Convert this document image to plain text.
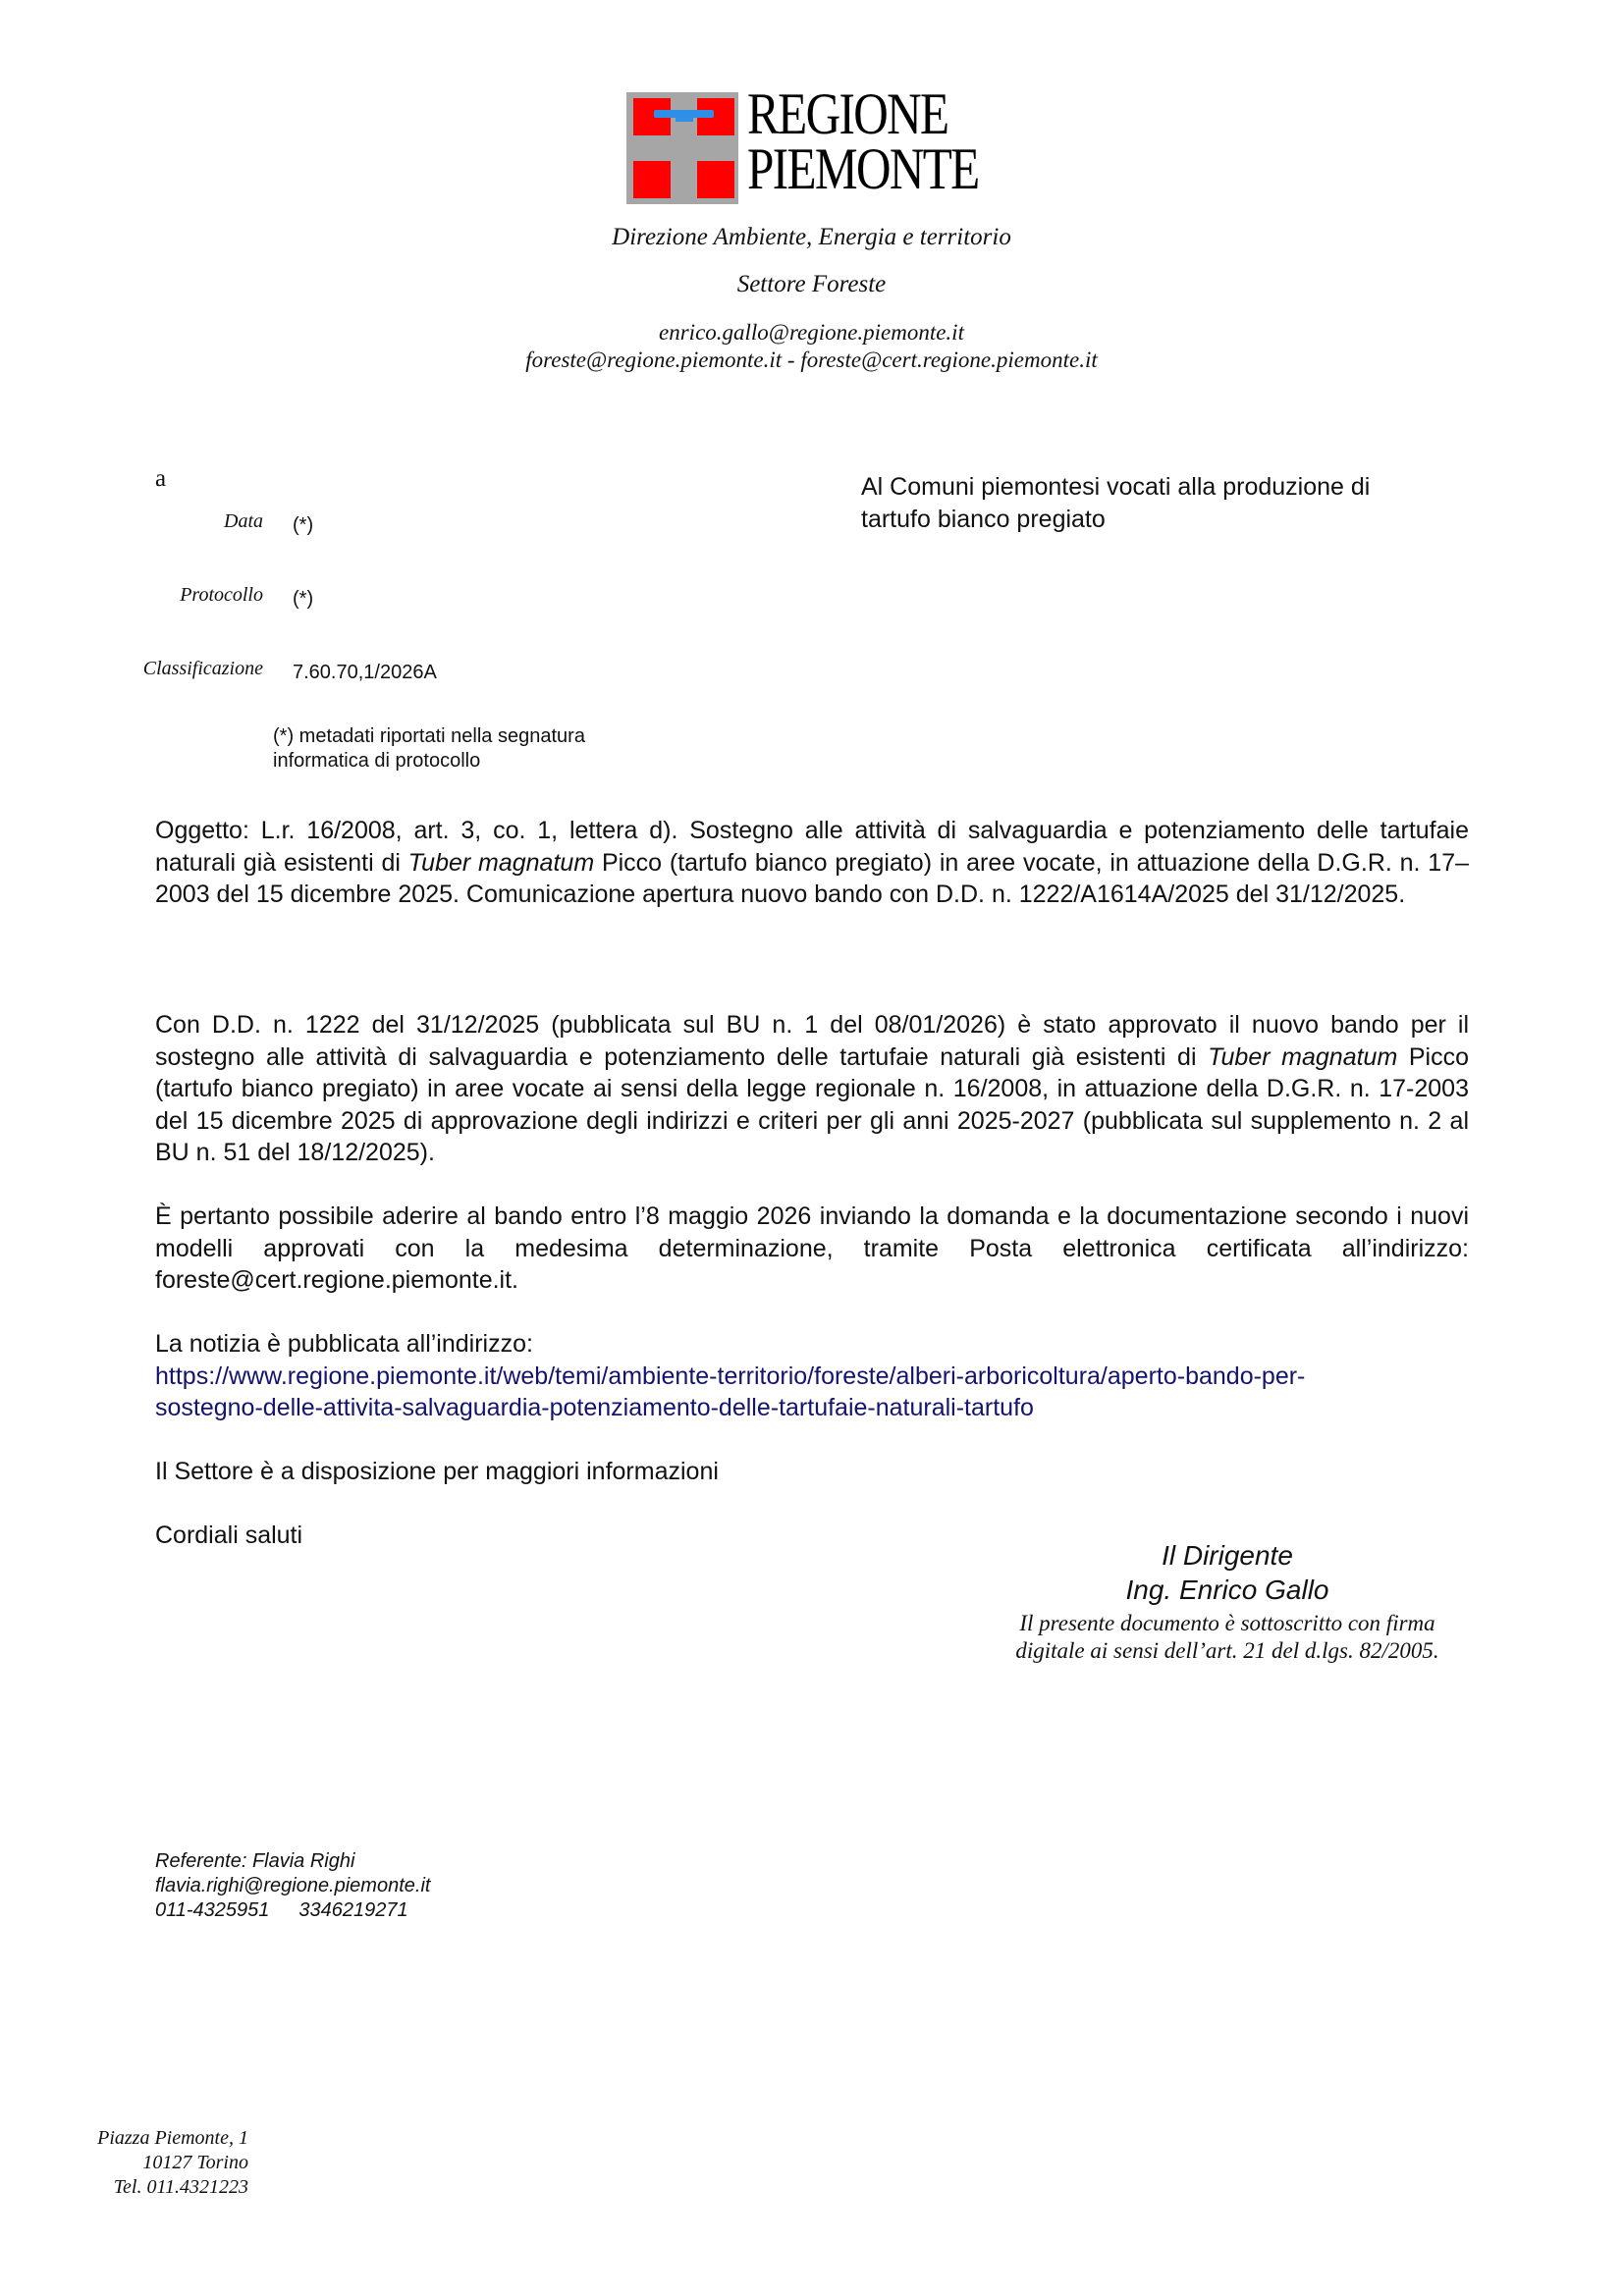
REGIONE
PIEMONTE
Direzione Ambiente, Energia e territorio
Settore Foreste
enrico.gallo@regione.piemonte.it
foreste@regione.piemonte.it - foreste@cert.regione.piemonte.it
a
Data (*)
Protocollo (*)
Classificazione 7.60.70,1/2026A
(*) metadati riportati nella segnatura
informatica di protocollo
Al Comuni piemontesi vocati alla produzione di
tartufo bianco pregiato

Oggetto: L.r. 16/2008, art. 3, co. 1, lettera d). Sostegno alle attività di salvaguardia e potenziamento delle tartufaie naturali già esistenti di Tuber magnatum Picco (tartufo bianco pregiato) in aree vocate, in attuazione della D.G.R. n. 17–2003 del 15 dicembre 2025. Comunicazione apertura nuovo bando con D.D. n. 1222/A1614A/2025 del 31/12/2025.

Con D.D. n. 1222 del 31/12/2025 (pubblicata sul BU n. 1 del 08/01/2026) è stato approvato il nuovo bando per il sostegno alle attività di salvaguardia e potenziamento delle tartufaie naturali già esistenti di Tuber magnatum Picco (tartufo bianco pregiato) in aree vocate ai sensi della legge regionale n. 16/2008, in attuazione della D.G.R. n. 17-2003 del 15 dicembre 2025 di approvazione degli indirizzi e criteri per gli anni 2025-2027 (pubblicata sul supplemento n. 2 al BU n. 51 del 18/12/2025).

È pertanto possibile aderire al bando entro l’8 maggio 2026 inviando la domanda e la documentazione secondo i nuovi modelli approvati con la medesima determinazione, tramite Posta elettronica certificata all’indirizzo: foreste@cert.regione.piemonte.it.

La notizia è pubblicata all’indirizzo:
https://www.regione.piemonte.it/web/temi/ambiente-territorio/foreste/alberi-arboricoltura/aperto-bando-per-
sostegno-delle-attivita-salvaguardia-potenziamento-delle-tartufaie-naturali-tartufo
Il Settore è a disposizione per maggiori informazioni
Cordiali saluti
Il Dirigente
Ing. Enrico Gallo
Il presente documento è sottoscritto con firma
digitale ai sensi dell’art. 21 del d.lgs. 82/2005.
Referente: Flavia Righi
flavia.righi@regione.piemonte.it
011-4325951 3346219271
Piazza Piemonte, 1
10127 Torino
Tel. 011.4321223
